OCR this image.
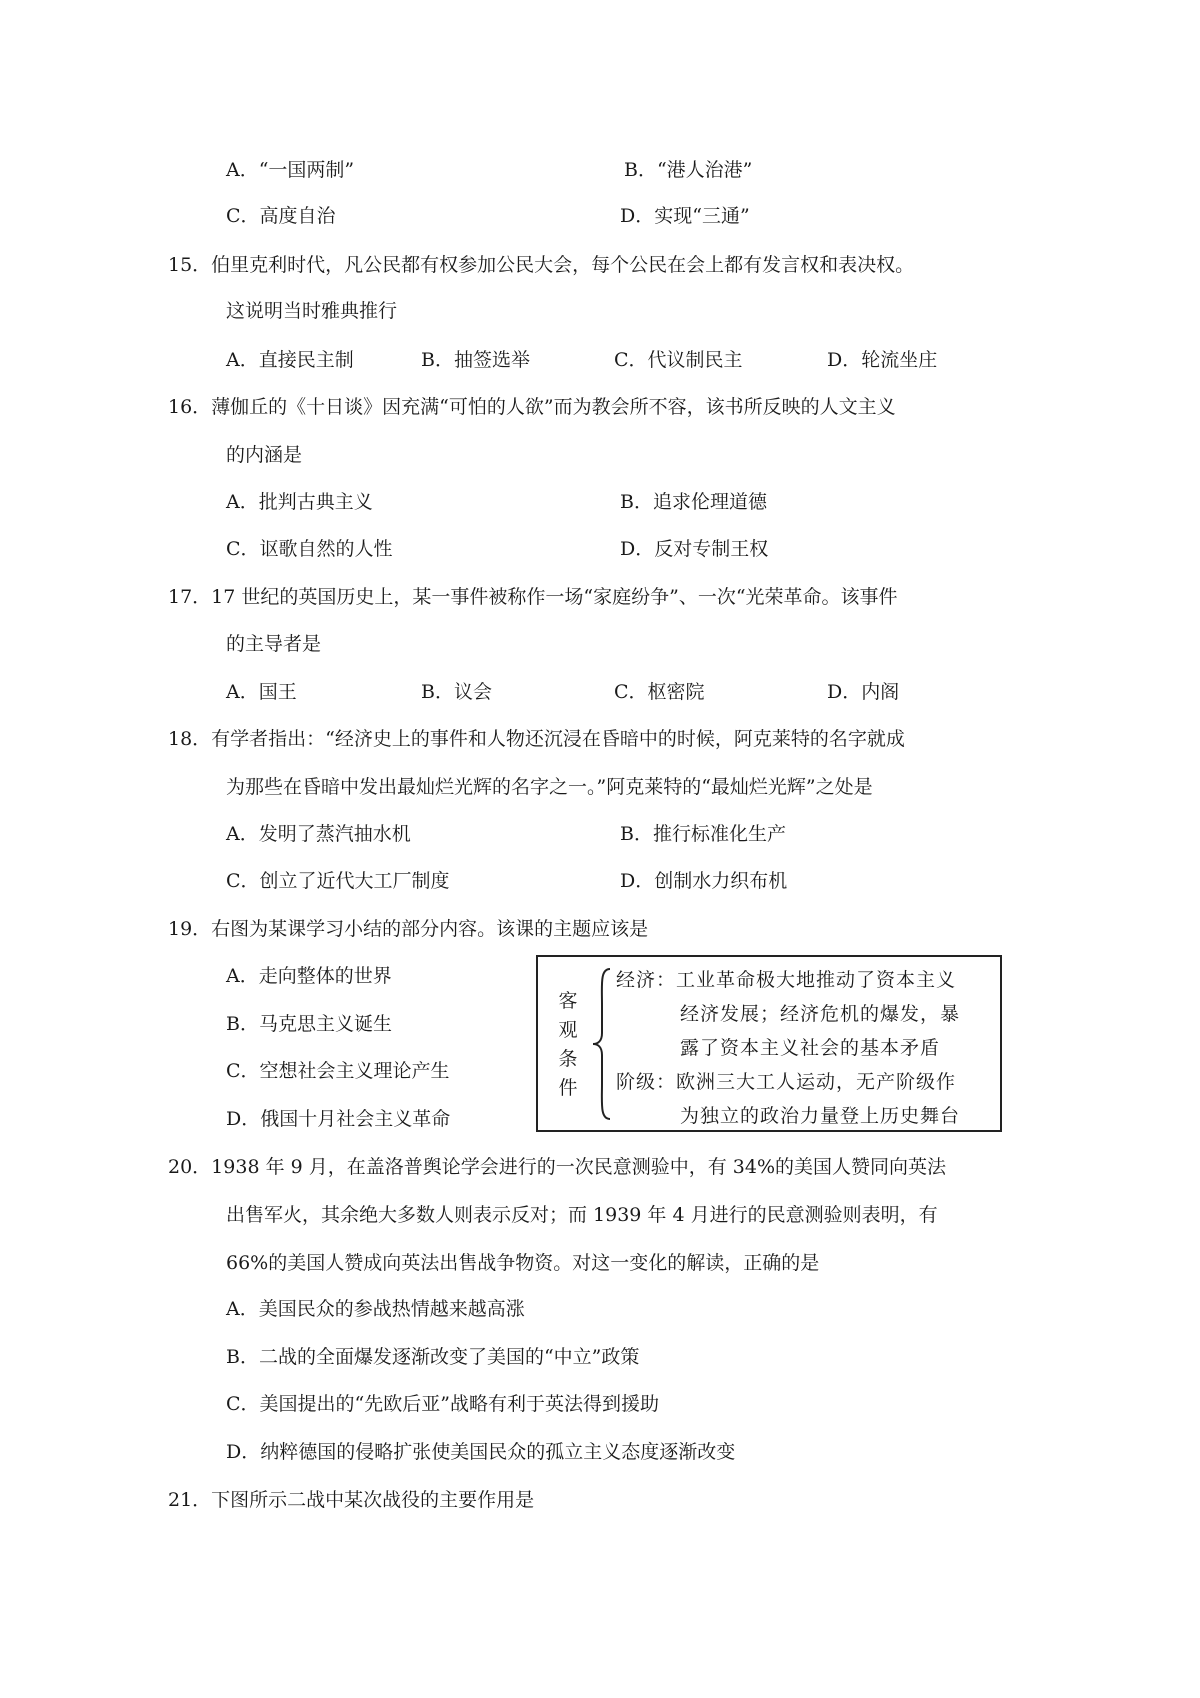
A．“一国两制”	B．“港人治港”
C．高度自治	D．实现“三通”
15．伯里克利时代，凡公民都有权参加公民大会，每个公民在会上都有发言权和表决权。
这说明当时雅典推行
A．直接民主制	B．抽签选举	C．代议制民主	D．轮流坐庄
16．薄伽丘的《十日谈》因充满“可怕的人欲”而为教会所不容，该书所反映的人文主义
的内涵是
A．批判古典主义	B．追求伦理道德
C．讴歌自然的人性	D．反对专制王权
17．17 世纪的英国历史上，某一事件被称作一场“家庭纷争”、一次“光荣革命。该事件
的主导者是
A．国王	B．议会	C．枢密院	D．内阁
18．有学者指出：“经济史上的事件和人物还沉浸在昏暗中的时候，阿克莱特的名字就成
为那些在昏暗中发出最灿烂光辉的名字之一。”阿克莱特的“最灿烂光辉”之处是
A．发明了蒸汽抽水机	B．推行标准化生产
C．创立了近代大工厂制度	D．创制水力织布机
19．右图为某课学习小结的部分内容。该课的主题应该是
A．走向整体的世界
B．马克思主义诞生
C．空想社会主义理论产生
D．俄国十月社会主义革命
客
观
条
件
经济：工业革命极大地推动了资本主义
经济发展；经济危机的爆发，暴
露了资本主义社会的基本矛盾
阶级：欧洲三大工人运动，无产阶级作
为独立的政治力量登上历史舞台
20．1938 年 9 月，在盖洛普舆论学会进行的一次民意测验中，有 34%的美国人赞同向英法
出售军火，其余绝大多数人则表示反对；而 1939 年 4 月进行的民意测验则表明，有
66%的美国人赞成向英法出售战争物资。对这一变化的解读，正确的是
A．美国民众的参战热情越来越高涨
B．二战的全面爆发逐渐改变了美国的“中立”政策
C．美国提出的“先欧后亚”战略有利于英法得到援助
D．纳粹德国的侵略扩张使美国民众的孤立主义态度逐渐改变
21．下图所示二战中某次战役的主要作用是
